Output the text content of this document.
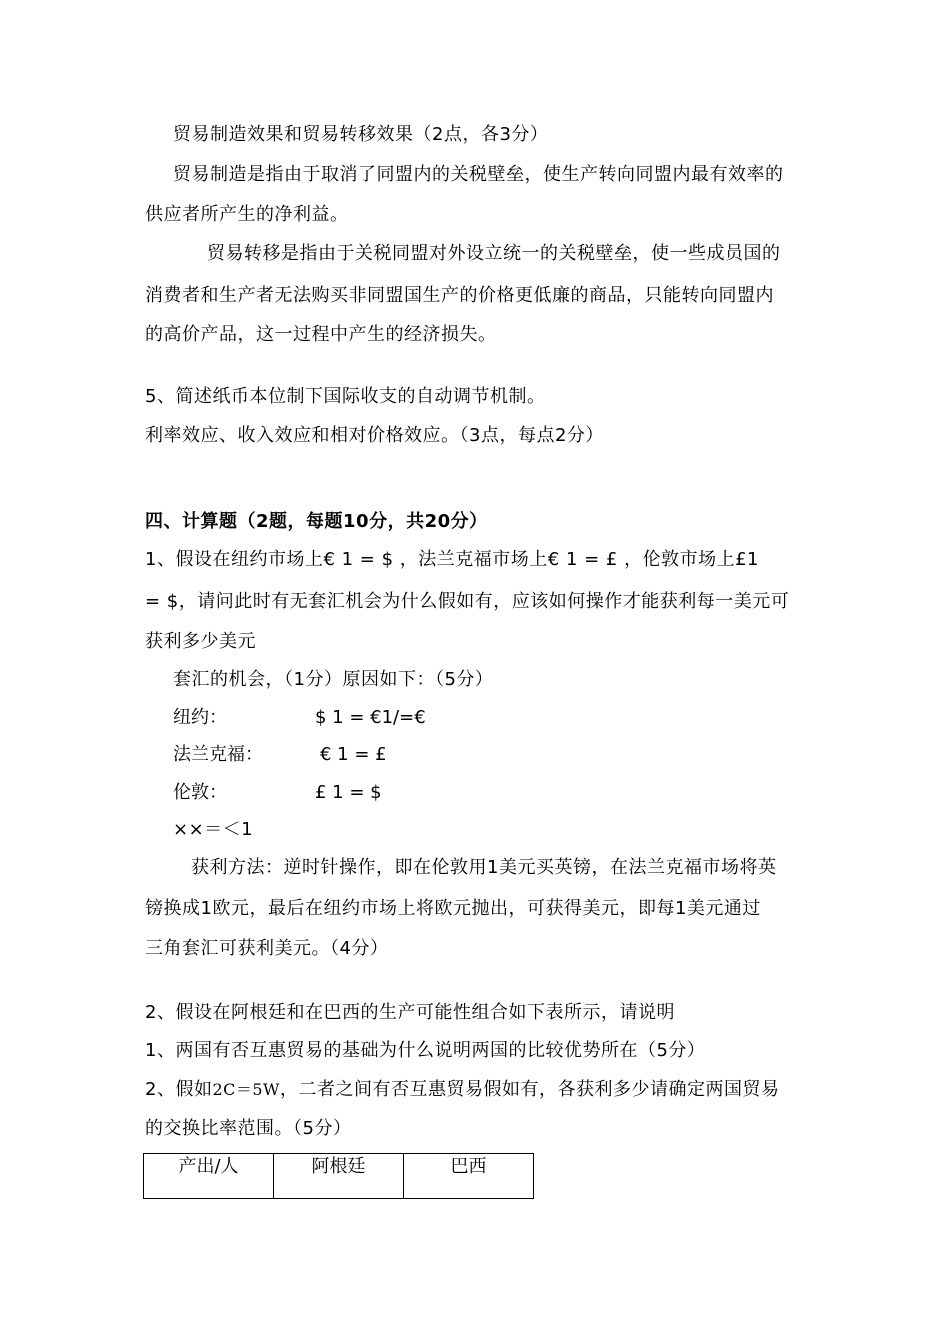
贸易制造效果和贸易转移效果（2点，各3分）
贸易制造是指由于取消了同盟内的关税壁垒，使生产转向同盟内最有效率的
供应者所产生的净利益。
贸易转移是指由于关税同盟对外设立统一的关税壁垒，使一些成员国的
消费者和生产者无法购买非同盟国生产的价格更低廉的商品，只能转向同盟内
的高价产品，这一过程中产生的经济损失。
5、简述纸币本位制下国际收支的自动调节机制。
利率效应、收入效应和相对价格效应。（3点，每点2分）
四、计算题（2题，每题10分，共20分）
1、假设在纽约市场上€ 1 = $ ，法兰克福市场上€ 1 = £ ，伦敦市场上£1
= $，请问此时有无套汇机会为什么假如有，应该如何操作才能获利每一美元可
获利多少美元
套汇的机会，（1分）原因如下：（5分）
纽约：	$ 1 = €1/=€
法兰克福：	€ 1 = £
伦敦：	£ 1 = $
××＝＜1
获利方法：逆时针操作，即在伦敦用1美元买英镑，在法兰克福市场将英
镑换成1欧元，最后在纽约市场上将欧元抛出，可获得美元，即每1美元通过
三角套汇可获利美元。（4分）
2、假设在阿根廷和在巴西的生产可能性组合如下表所示，请说明
1、两国有否互惠贸易的基础为什么说明两国的比较优势所在（5分）
2、假如2C＝5W，二者之间有否互惠贸易假如有，各获利多少请确定两国贸易
的交换比率范围。（5分）
产出/人	阿根廷	巴西
